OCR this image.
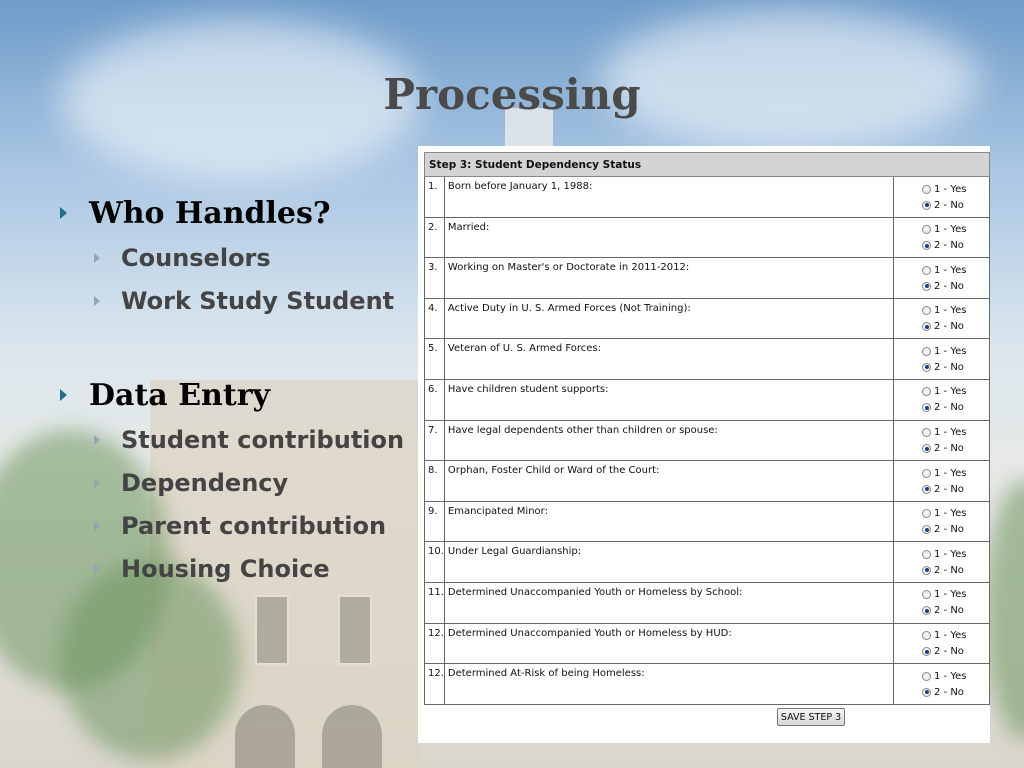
Processing
Who Handles?
Counselors
Work Study Student
Data Entry
Student contribution
Dependency
Parent contribution
Housing Choice
Step 3: Student Dependency Status		
1.	Born before January 1, 1988:	1 - Yes
2 - No

2.	Married:	1 - Yes
2 - No

3.	Working on Master's or Doctorate in 2011-2012:	1 - Yes
2 - No

4.	Active Duty in U. S. Armed Forces (Not Training):	1 - Yes
2 - No

5.	Veteran of U. S. Armed Forces:	1 - Yes
2 - No

6.	Have children student supports:	1 - Yes
2 - No

7.	Have legal dependents other than children or spouse:	1 - Yes
2 - No

8.	Orphan, Foster Child or Ward of the Court:	1 - Yes
2 - No

9.	Emancipated Minor:	1 - Yes
2 - No

10.	Under Legal Guardianship:	1 - Yes
2 - No

11.	Determined Unaccompanied Youth or Homeless by School:	1 - Yes
2 - No

12.	Determined Unaccompanied Youth or Homeless by HUD:	1 - Yes
2 - No

12.	Determined At-Risk of being Homeless:	1 - Yes
2 - No
SAVE STEP 3
